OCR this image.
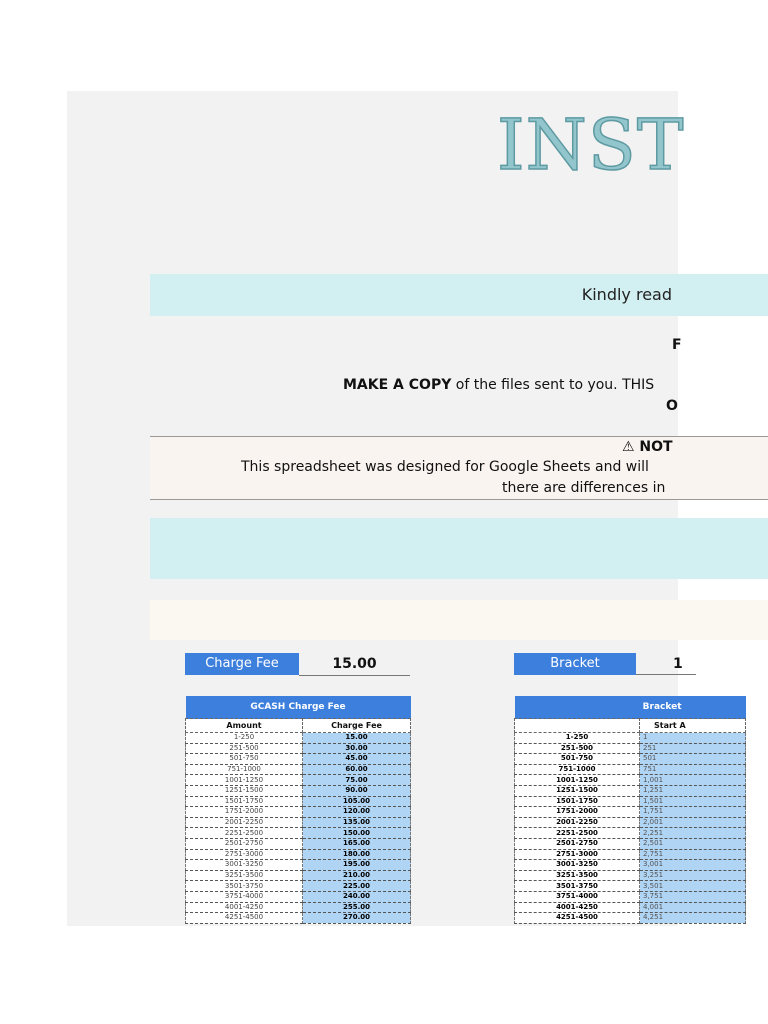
INST
Kindly read
F
MAKE A COPY of the files sent to you. THIS
O
⚠ NOT
This spreadsheet was designed for Google Sheets and will
there are differences in
Charge Fee	15.00	Bracket	1
GCASH Charge Fee	
Amount	Charge Fee
1-250	15.00
251-500	30.00
501-750	45.00
751-1000	60.00
1001-1250	75.00
1251-1500	90.00
1501-1750	105.00
1751-2000	120.00
2001-2250	135.00
2251-2500	150.00
2501-2750	165.00
2751-3000	180.00
3001-3250	195.00
3251-3500	210.00
3501-3750	225.00
3751-4000	240.00
4001-4250	255.00
4251-4500	270.00
Bracket	
	Start A
1-250	1
251-500	251
501-750	501
751-1000	751
1001-1250	1,001
1251-1500	1,251
1501-1750	1,501
1751-2000	1,751
2001-2250	2,001
2251-2500	2,251
2501-2750	2,501
2751-3000	2,751
3001-3250	3,001
3251-3500	3,251
3501-3750	3,501
3751-4000	3,751
4001-4250	4,001
4251-4500	4,251
